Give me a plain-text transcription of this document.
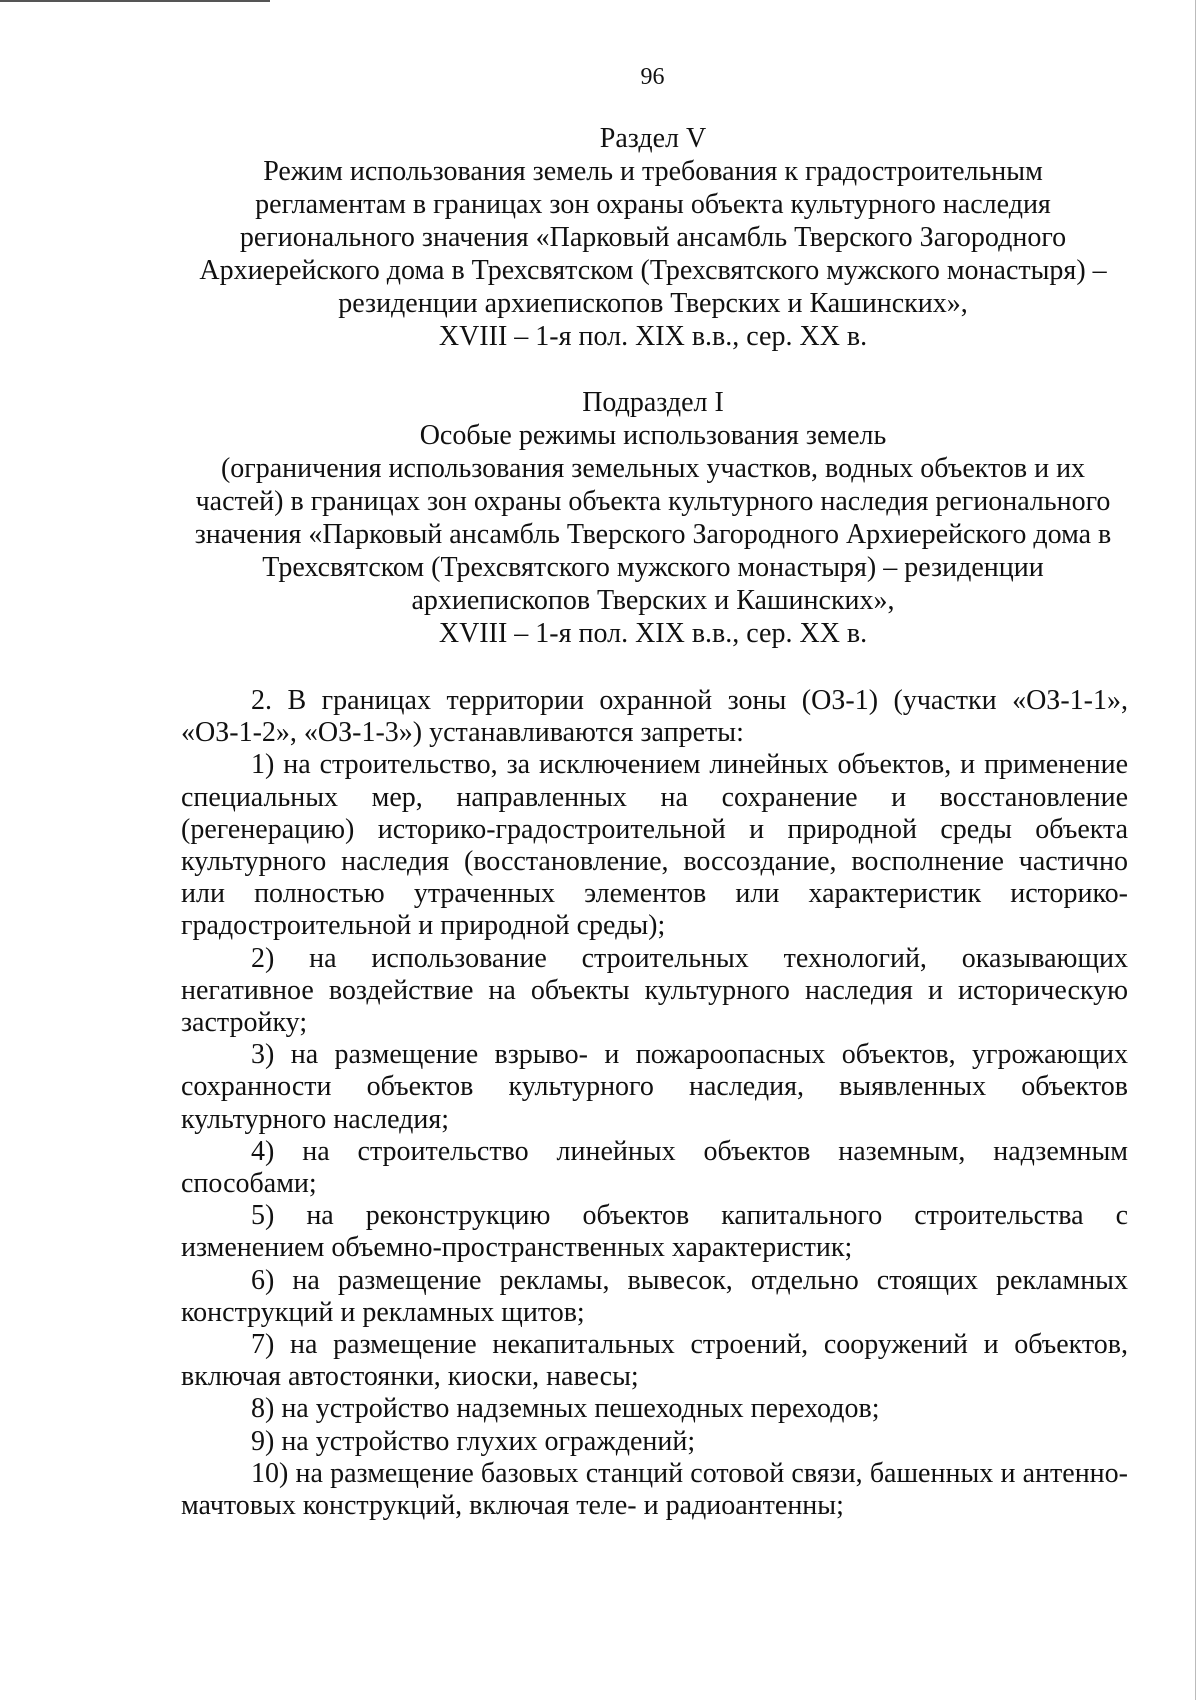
96
Раздел V
Режим использования земель и требования к градостроительным
регламентам в границах зон охраны объекта культурного наследия
регионального значения «Парковый ансамбль Тверского Загородного
Архиерейского дома в Трехсвятском (Трехсвятского мужского монастыря) –
резиденции архиепископов Тверских и Кашинских»,
XVIII – 1-я пол. XIX в.в., сер. XX в.
Подраздел I
Особые режимы использования земель
(ограничения использования земельных участков, водных объектов и их
частей) в границах зон охраны объекта культурного наследия регионального
значения «Парковый ансамбль Тверского Загородного Архиерейского дома в
Трехсвятском (Трехсвятского мужского монастыря) – резиденции
архиепископов Тверских и Кашинских»,
XVIII – 1-я пол. XIX в.в., сер. XX в.

2. В границах территории охранной зоны (ОЗ-1) (участки «ОЗ-1-1», «ОЗ-1-2», «ОЗ-1-3») устанавливаются запреты:

1) на строительство, за исключением линейных объектов, и применение специальных мер, направленных на сохранение и восстановление (регенерацию) историко-градостроительной и природной среды объекта культурного наследия (восстановление, воссоздание, восполнение частично или полностью утраченных элементов или характеристик историко-градостроительной и природной среды);

2) на использование строительных технологий, оказывающих негативное воздействие на объекты культурного наследия и историческую застройку;

3) на размещение взрыво- и пожароопасных объектов, угрожающих сохранности объектов культурного наследия, выявленных объектов культурного наследия;

4) на строительство линейных объектов наземным, надземным способами;

5) на реконструкцию объектов капитального строительства с изменением объемно-пространственных характеристик;

6) на размещение рекламы, вывесок, отдельно стоящих рекламных конструкций и рекламных щитов;

7) на размещение некапитальных строений, сооружений и объектов, включая автостоянки, киоски, навесы;

8) на устройство надземных пешеходных переходов;

9) на устройство глухих ограждений;

10) на размещение базовых станций сотовой связи, башенных и антенно-мачтовых конструкций, включая теле- и радиоантенны;
